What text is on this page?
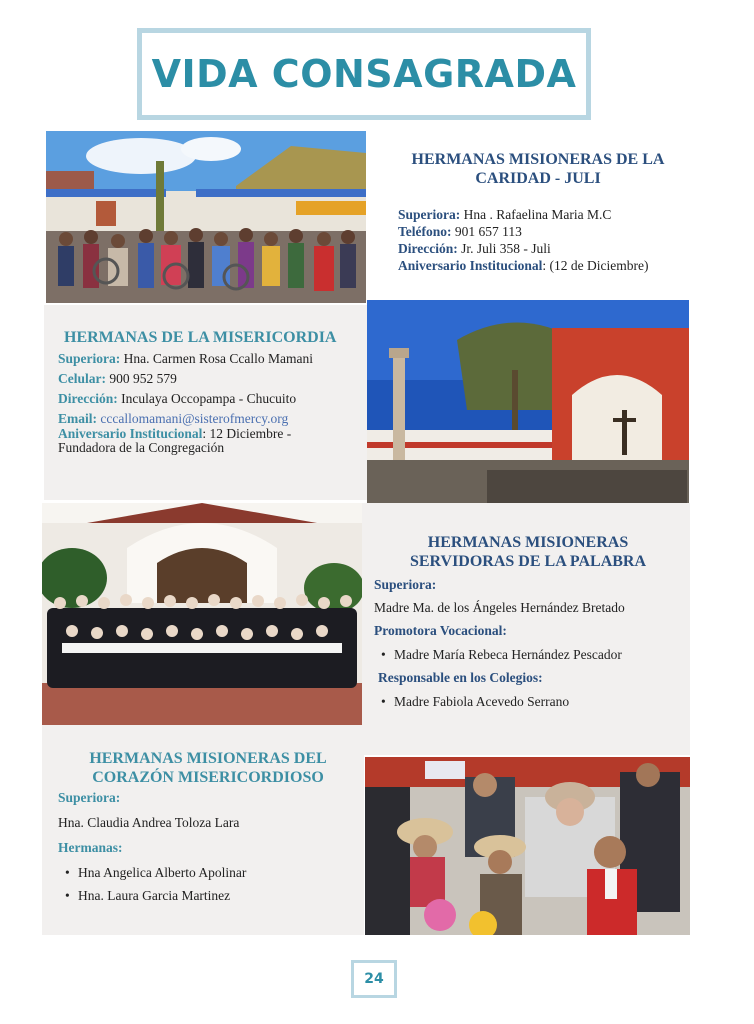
VIDA CONSAGRADA
HERMANAS MISIONERAS DE LA CARIDAD - JULI
Superiora: Hna . Rafaelina Maria M.C
Teléfono: 901 657 113
Dirección: Jr. Juli 358 - Juli
Aniversario Institucional: (12 de Diciembre)
HERMANAS DE LA MISERICORDIA
Superiora: Hna. Carmen Rosa Ccallo Mamani
Celular: 900 952 579
Dirección: Inculaya Occopampa - Chucuito
Email: cccallomamani@sisterofmercy.org
Aniversario Institucional: 12 Diciembre -
Fundadora de la Congregación
HERMANAS MISIONERAS
SERVIDORAS DE LA PALABRA
Superiora:
Madre Ma. de los Ángeles Hernández Bretado
Promotora Vocacional:
• Madre María Rebeca Hernández Pescador
Responsable en los Colegios:
• Madre Fabiola Acevedo Serrano
HERMANAS MISIONERAS DEL
CORAZÓN MISERICORDIOSO
Superiora:
Hna. Claudia Andrea Toloza Lara
Hermanas:
• Hna Angelica Alberto Apolinar
• Hna. Laura Garcia Martinez
24
